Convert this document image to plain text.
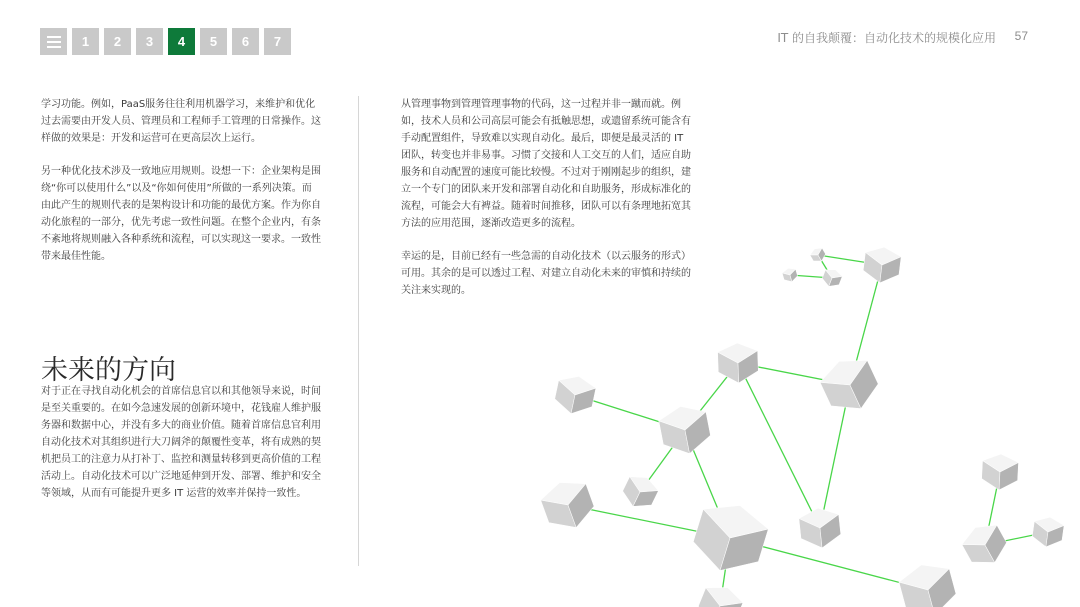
1	2	3	4	5	6	7	IT 的自我颠覆：自动化技术的规模化应用 57

学习功能。例如，PaaS服务往往利用机器学习，来维护和优化过去需要由开发人员、管理员和工程师手工管理的日常操作。这样做的效果是：开发和运营可在更高层次上运行。

另一种优化技术涉及一致地应用规则。设想一下：企业架构是围绕“你可以使用什么”以及“你如何使用”所做的一系列决策。而由此产生的规则代表的是架构设计和功能的最优方案。作为你自动化旅程的一部分，优先考虑一致性问题。在整个企业内，有条不紊地将规则融入各种系统和流程，可以实现这一要求。一致性带来最佳性能。

未来的方向

对于正在寻找自动化机会的首席信息官以和其他领导来说，时间是至关重要的。在如今急速发展的创新环境中，花钱雇人维护服务器和数据中心，并没有多大的商业价值。随着首席信息官利用自动化技术对其组织进行大刀阔斧的颠覆性变革，将有成熟的契机把员工的注意力从打补丁、监控和测量转移到更高价值的工程活动上。自动化技术可以广泛地延伸到开发、部署、维护和安全等领域，从而有可能提升更多 IT 运营的效率并保持一致性。

从管理事物到管理管理事物的代码，这一过程并非一蹴而就。例如，技术人员和公司高层可能会有抵触思想，或遗留系统可能含有手动配置组件，导致难以实现自动化。最后，即便是最灵活的 IT 团队，转变也并非易事。习惯了交接和人工交互的人们，适应自助服务和自动配置的速度可能比较慢。不过对于刚刚起步的组织，建立一个专门的团队来开发和部署自动化和自助服务，形成标准化的流程，可能会大有裨益。随着时间推移，团队可以有条理地拓宽其方法的应用范围，逐渐改造更多的流程。

幸运的是，目前已经有一些急需的自动化技术（以云服务的形式）可用。其余的是可以透过工程、对建立自动化未来的审慎和持续的关注来实现的。
